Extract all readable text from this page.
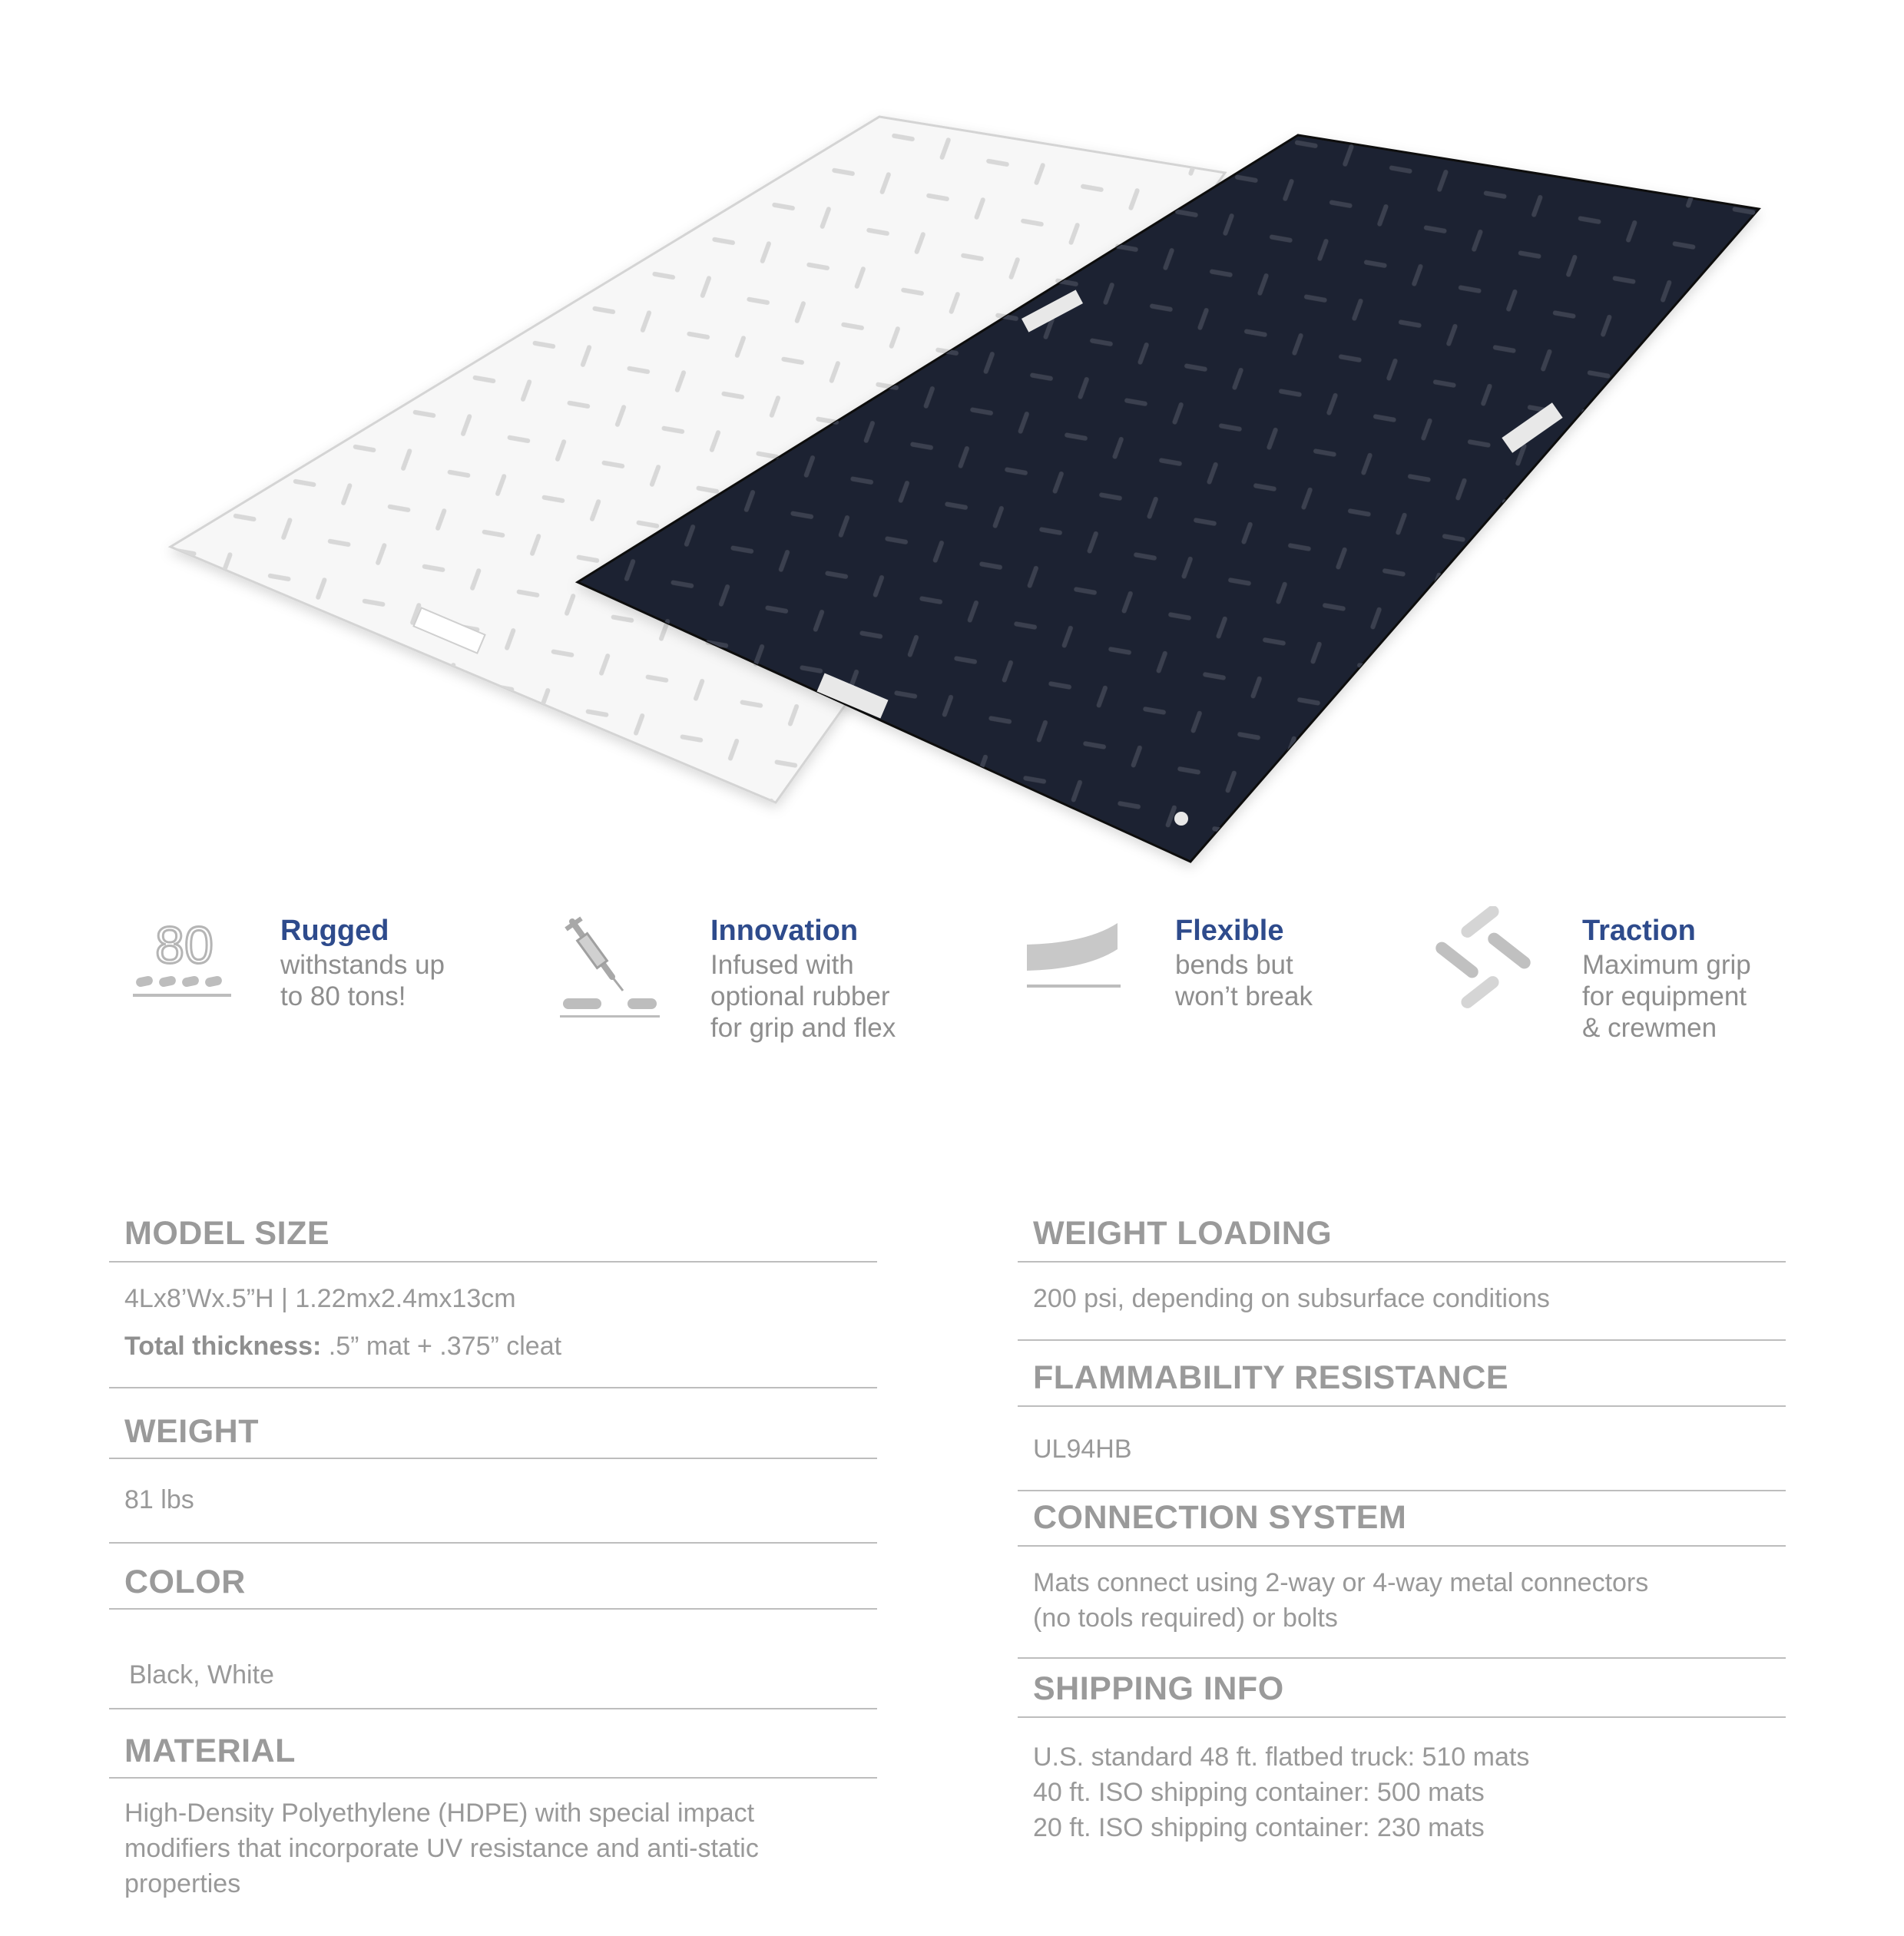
80 Rugged
withstands up
to 80 tons!
Innovation
Infused with
optional rubber
for grip and flex
Flexible
bends but
won’t break
Traction
Maximum grip
for equipment
& crewmen
MODEL SIZE
4Lx8’Wx.5”H | 1.22mx2.4mx13cm
Total thickness: .5” mat + .375” cleat
WEIGHT
81 lbs
COLOR
Black, White
MATERIAL
High-Density Polyethylene (HDPE) with special impact
modifiers that incorporate UV resistance and anti-static
properties
WEIGHT LOADING
200 psi, depending on subsurface conditions
FLAMMABILITY RESISTANCE
UL94HB
CONNECTION SYSTEM
Mats connect using 2-way or 4-way metal connectors
(no tools required) or bolts
SHIPPING INFO
U.S. standard 48 ft. flatbed truck: 510 mats
40 ft. ISO shipping container: 500 mats
20 ft. ISO shipping container: 230 mats
